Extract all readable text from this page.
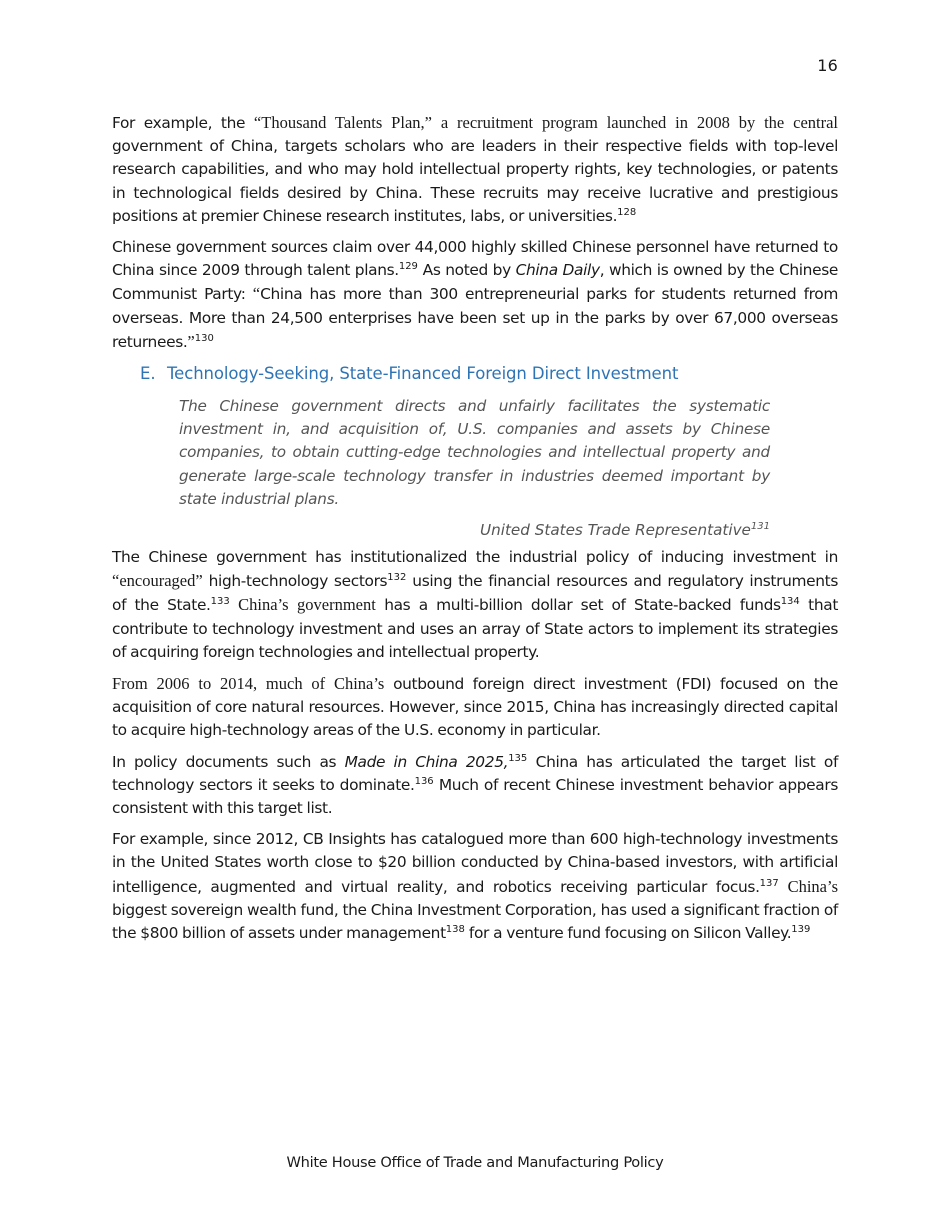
16

For example, the “Thousand Talents Plan,” a recruitment program launched in 2008 by the central government of China, targets scholars who are leaders in their respective fields with top-level research capabilities, and who may hold intellectual property rights, key technologies, or patents in technological fields desired by China. These recruits may receive lucrative and prestigious positions at premier Chinese research institutes, labs, or universities.$^{128}$

Chinese government sources claim over 44,000 highly skilled Chinese personnel have returned to China since 2009 through talent plans.$^{129}$ As noted by China Daily, which is owned by the Chinese Communist Party: “China has more than 300 entrepreneurial parks for students returned from overseas. More than 24,500 enterprises have been set up in the parks by over 67,000 overseas returnees.”$^{130}$

E. Technology-Seeking, State-Financed Foreign Direct Investment
The Chinese government directs and unfairly facilitates the systematic investment in, and acquisition of, U.S. companies and assets by Chinese companies, to obtain cutting-edge technologies and intellectual property and generate large-scale technology transfer in industries deemed important by state industrial plans.
United States Trade Representative$^{131}$

The Chinese government has institutionalized the industrial policy of inducing investment in “encouraged” high-technology sectors$^{132}$ using the financial resources and regulatory instruments of the State.$^{133}$ China’s government has a multi-billion dollar set of State-backed funds$^{134}$ that contribute to technology investment and uses an array of State actors to implement its strategies of acquiring foreign technologies and intellectual property.

From 2006 to 2014, much of China’s outbound foreign direct investment (FDI) focused on the acquisition of core natural resources. However, since 2015, China has increasingly directed capital to acquire high-technology areas of the U.S. economy in particular.

In policy documents such as Made in China 2025,$^{135}$ China has articulated the target list of technology sectors it seeks to dominate.$^{136}$ Much of recent Chinese investment behavior appears consistent with this target list.

For example, since 2012, CB Insights has catalogued more than 600 high-technology investments in the United States worth close to $20 billion conducted by China-based investors, with artificial intelligence, augmented and virtual reality, and robotics receiving particular focus.$^{137}$ China’s biggest sovereign wealth fund, the China Investment Corporation, has used a significant fraction of the $800 billion of assets under management$^{138}$ for a venture fund focusing on Silicon Valley.$^{139}$

White House Office of Trade and Manufacturing Policy
